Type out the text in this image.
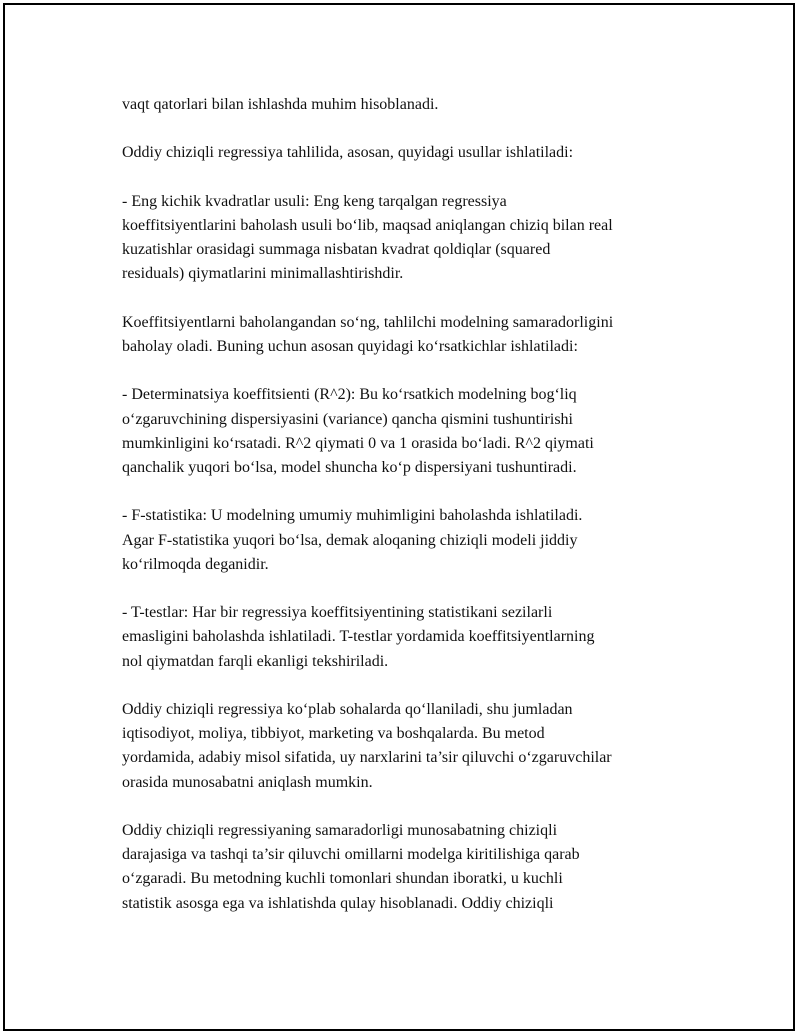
vaqt qatorlari bilan ishlashda muhim hisoblanadi.

Oddiy chiziqli regressiya tahlilida, asosan, quyidagi usullar ishlatiladi:

- Eng kichik kvadratlar usuli: Eng keng tarqalgan regressiya
koeffitsiyentlarini baholash usuli bo‘lib, maqsad aniqlangan chiziq bilan real
kuzatishlar orasidagi summaga nisbatan kvadrat qoldiqlar (squared
residuals) qiymatlarini minimallashtirishdir.

Koeffitsiyentlarni baholangandan so‘ng, tahlilchi modelning samaradorligini
baholay oladi. Buning uchun asosan quyidagi ko‘rsatkichlar ishlatiladi:

- Determinatsiya koeffitsienti (R^2): Bu ko‘rsatkich modelning bog‘liq
o‘zgaruvchining dispersiyasini (variance) qancha qismini tushuntirishi
mumkinligini ko‘rsatadi. R^2 qiymati 0 va 1 orasida bo‘ladi. R^2 qiymati
qanchalik yuqori bo‘lsa, model shuncha ko‘p dispersiyani tushuntiradi.

- F-statistika: U modelning umumiy muhimligini baholashda ishlatiladi.
Agar F-statistika yuqori bo‘lsa, demak aloqaning chiziqli modeli jiddiy
ko‘rilmoqda deganidir.

- T-testlar: Har bir regressiya koeffitsiyentining statistikani sezilarli
emasligini baholashda ishlatiladi. T-testlar yordamida koeffitsiyentlarning
nol qiymatdan farqli ekanligi tekshiriladi.

Oddiy chiziqli regressiya ko‘plab sohalarda qo‘llaniladi, shu jumladan
iqtisodiyot, moliya, tibbiyot, marketing va boshqalarda. Bu metod
yordamida, adabiy misol sifatida, uy narxlarini ta’sir qiluvchi o‘zgaruvchilar
orasida munosabatni aniqlash mumkin.

Oddiy chiziqli regressiyaning samaradorligi munosabatning chiziqli
darajasiga va tashqi ta’sir qiluvchi omillarni modelga kiritilishiga qarab
o‘zgaradi. Bu metodning kuchli tomonlari shundan iboratki, u kuchli
statistik asosga ega va ishlatishda qulay hisoblanadi. Oddiy chiziqli
